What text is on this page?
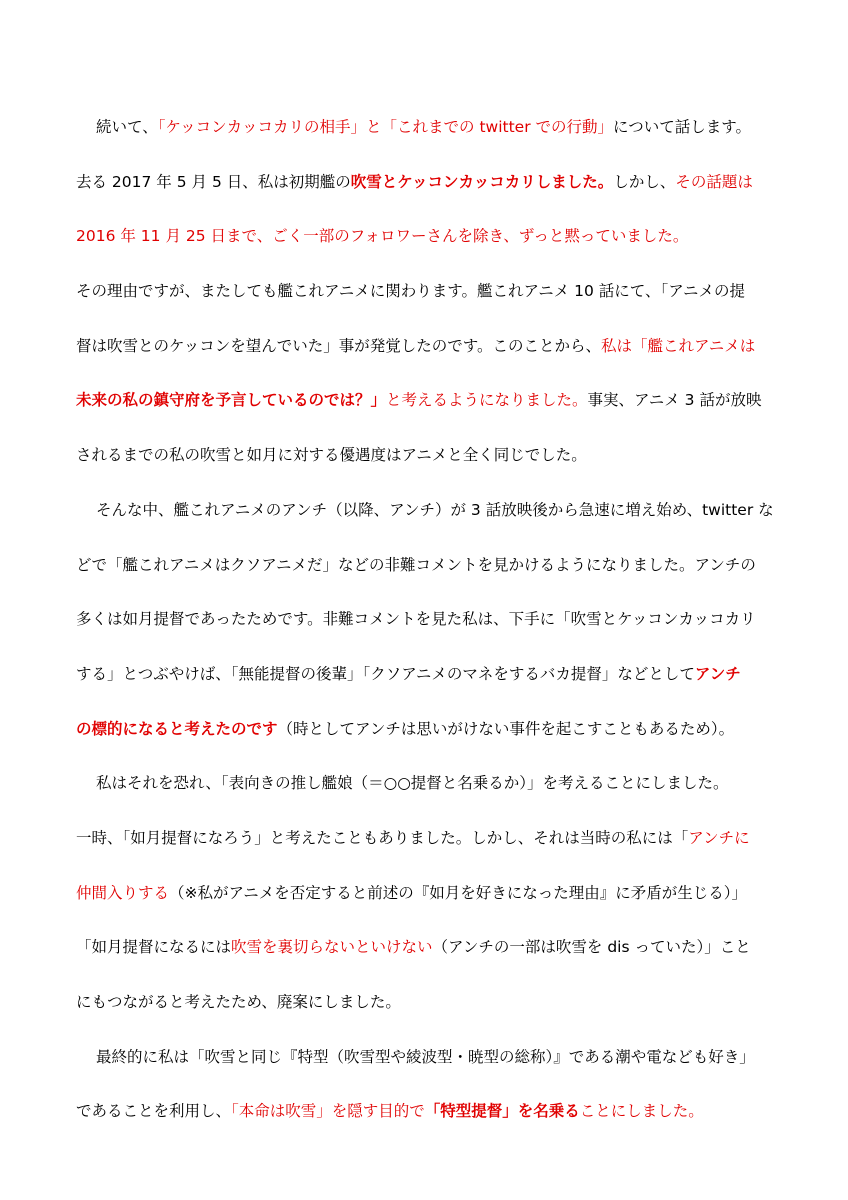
続いて、「ケッコンカッコカリの相手」と「これまでの twitter での行動」について話します。
去る 2017 年 5 月 5 日、私は初期艦の吹雪とケッコンカッコカリしました。しかし、その話題は
2016 年 11 月 25 日まで、ごく一部のフォロワーさんを除き、ずっと黙っていました。
その理由ですが、またしても艦これアニメに関わります。艦これアニメ 10 話にて、「アニメの提
督は吹雪とのケッコンを望んでいた」事が発覚したのです。このことから、私は「艦これアニメは
未来の私の鎮守府を予言しているのでは？」と考えるようになりました。事実、アニメ 3 話が放映
されるまでの私の吹雪と如月に対する優遇度はアニメと全く同じでした。
そんな中、艦これアニメのアンチ（以降、アンチ）が 3 話放映後から急速に増え始め、twitter な
どで「艦これアニメはクソアニメだ」などの非難コメントを見かけるようになりました。アンチの
多くは如月提督であったためです。非難コメントを見た私は、下手に「吹雪とケッコンカッコカリ
する」とつぶやけば、「無能提督の後輩」「クソアニメのマネをするバカ提督」などとしてアンチ
の標的になると考えたのです（時としてアンチは思いがけない事件を起こすこともあるため）。
私はそれを恐れ、「表向きの推し艦娘（＝○○提督と名乗るか）」を考えることにしました。
一時、「如月提督になろう」と考えたこともありました。しかし、それは当時の私には「アンチに
仲間入りする（※私がアニメを否定すると前述の『如月を好きになった理由』に矛盾が生じる）」
「如月提督になるには吹雪を裏切らないといけない（アンチの一部は吹雪を dis っていた）」こと
にもつながると考えたため、廃案にしました。
最終的に私は「吹雪と同じ『特型（吹雪型や綾波型・暁型の総称）』である潮や電なども好き」
であることを利用し、「本命は吹雪」を隠す目的で「特型提督」を名乗ることにしました。
